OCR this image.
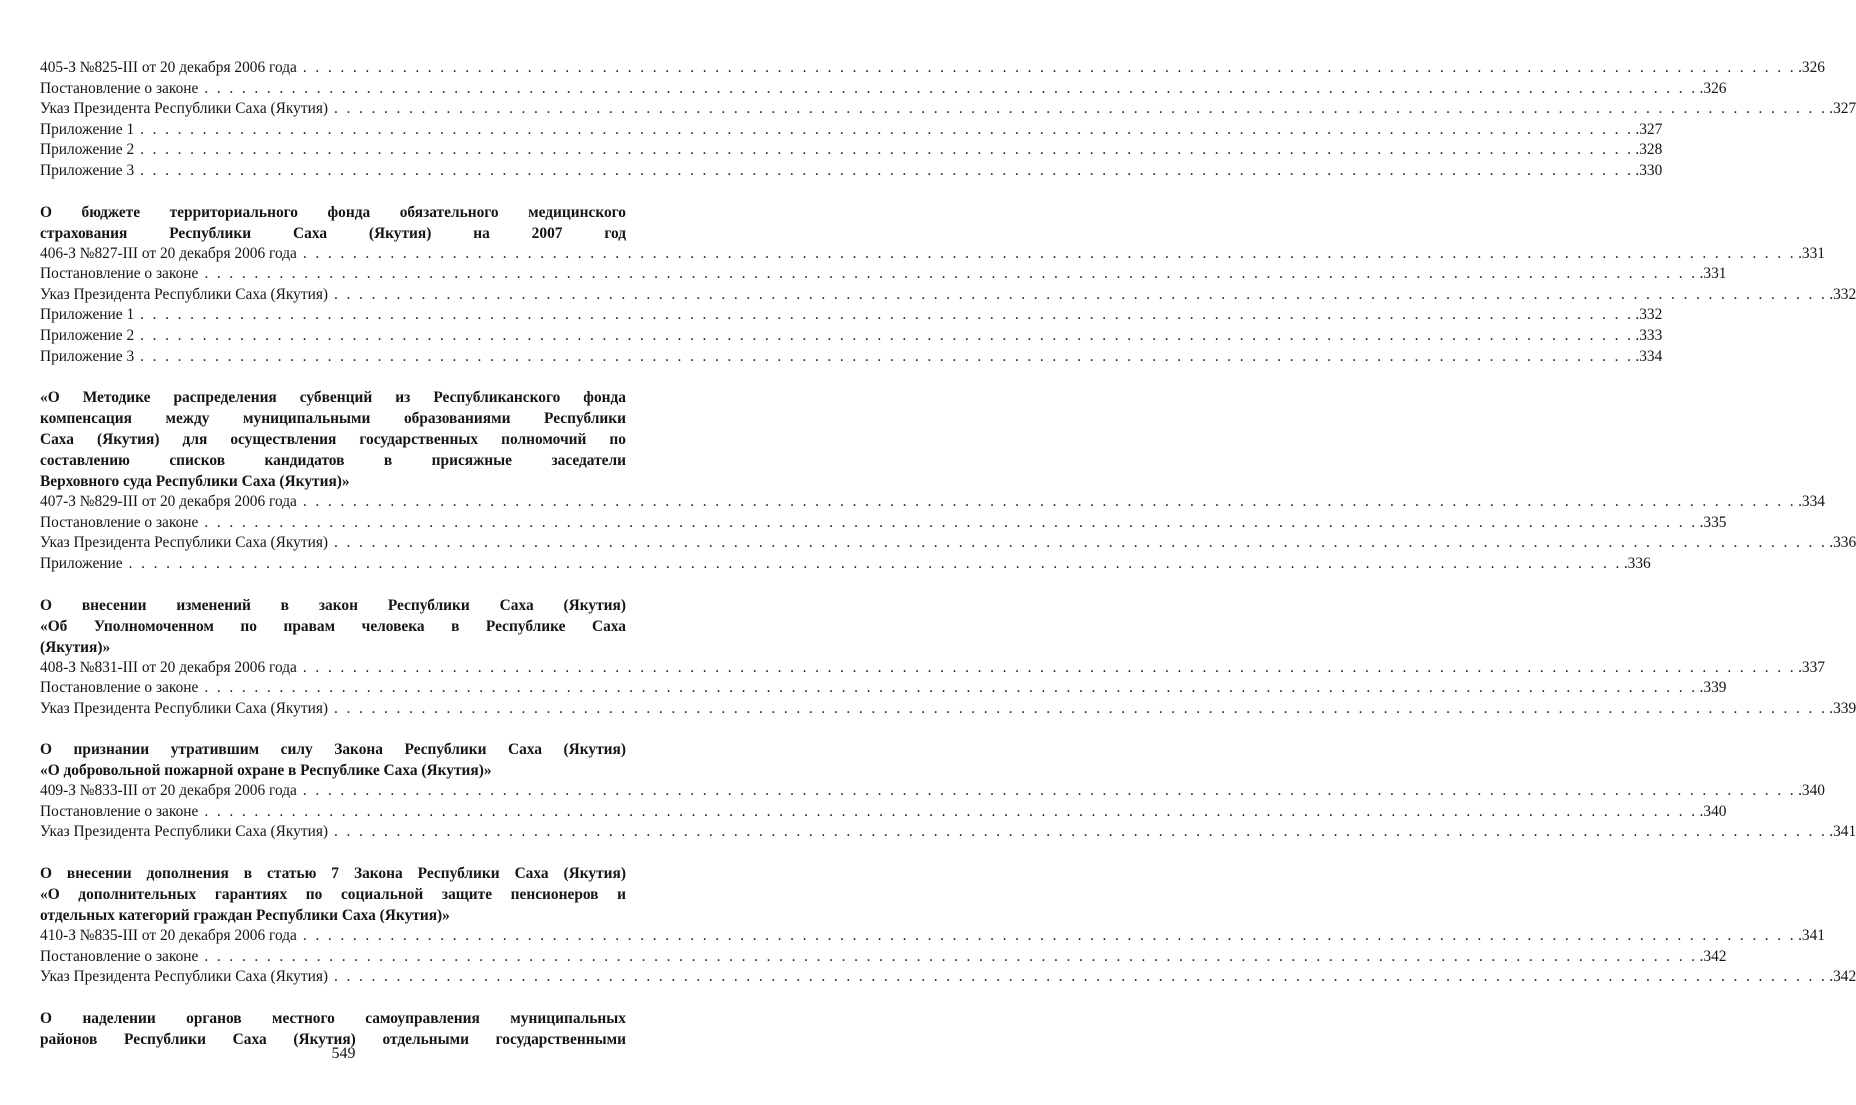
405-З №825-III от 20 декабря 2006 года . . . . . . . . . . . . . . . . . . . . . . . . . . . . . . . . . . . . . . . . . . . . . . . . . . . . . . . . . . . . . . . . . . . . . . . . . . . . . . . . . . . . . . . . . . . . . . . . . . . . . . . . . . . . . . . . . . . . . . . . .326
Постановление о законе . . . . . . . . . . . . . . . . . . . . . . . . . . . . . . . . . . . . . . . . . . . . . . . . . . . . . . . . . . . . . . . . . . . . . . . . . . . . . . . . . . . . . . . . . . . . . . . . . . . . . . . . . . . . . . . . . . . . . . . . .326
Указ Президента Республики Саха (Якутия) . . . . . . . . . . . . . . . . . . . . . . . . . . . . . . . . . . . . . . . . . . . . . . . . . . . . . . . . . . . . . . . . . . . . . . . . . . . . . . . . . . . . . . . . . . . . . . . . . . . . . . . . . . . . . . . . . . . . . . . . .327
Приложение 1 . . . . . . . . . . . . . . . . . . . . . . . . . . . . . . . . . . . . . . . . . . . . . . . . . . . . . . . . . . . . . . . . . . . . . . . . . . . . . . . . . . . . . . . . . . . . . . . . . . . . . . . . . . . . . . . . . . . . . . . . .327
Приложение 2 . . . . . . . . . . . . . . . . . . . . . . . . . . . . . . . . . . . . . . . . . . . . . . . . . . . . . . . . . . . . . . . . . . . . . . . . . . . . . . . . . . . . . . . . . . . . . . . . . . . . . . . . . . . . . . . . . . . . . . . . .328
Приложение 3 . . . . . . . . . . . . . . . . . . . . . . . . . . . . . . . . . . . . . . . . . . . . . . . . . . . . . . . . . . . . . . . . . . . . . . . . . . . . . . . . . . . . . . . . . . . . . . . . . . . . . . . . . . . . . . . . . . . . . . . . .330
О бюджете территориального фонда обязательного медицинского
страхования Республики Саха (Якутия) на 2007 год
406-З №827-III от 20 декабря 2006 года . . . . . . . . . . . . . . . . . . . . . . . . . . . . . . . . . . . . . . . . . . . . . . . . . . . . . . . . . . . . . . . . . . . . . . . . . . . . . . . . . . . . . . . . . . . . . . . . . . . . . . . . . . . . . . . . . . . . . . . . .331
Постановление о законе . . . . . . . . . . . . . . . . . . . . . . . . . . . . . . . . . . . . . . . . . . . . . . . . . . . . . . . . . . . . . . . . . . . . . . . . . . . . . . . . . . . . . . . . . . . . . . . . . . . . . . . . . . . . . . . . . . . . . . . . .331
Указ Президента Республики Саха (Якутия) . . . . . . . . . . . . . . . . . . . . . . . . . . . . . . . . . . . . . . . . . . . . . . . . . . . . . . . . . . . . . . . . . . . . . . . . . . . . . . . . . . . . . . . . . . . . . . . . . . . . . . . . . . . . . . . . . . . . . . . . .332
Приложение 1 . . . . . . . . . . . . . . . . . . . . . . . . . . . . . . . . . . . . . . . . . . . . . . . . . . . . . . . . . . . . . . . . . . . . . . . . . . . . . . . . . . . . . . . . . . . . . . . . . . . . . . . . . . . . . . . . . . . . . . . . .332
Приложение 2 . . . . . . . . . . . . . . . . . . . . . . . . . . . . . . . . . . . . . . . . . . . . . . . . . . . . . . . . . . . . . . . . . . . . . . . . . . . . . . . . . . . . . . . . . . . . . . . . . . . . . . . . . . . . . . . . . . . . . . . . .333
Приложение 3 . . . . . . . . . . . . . . . . . . . . . . . . . . . . . . . . . . . . . . . . . . . . . . . . . . . . . . . . . . . . . . . . . . . . . . . . . . . . . . . . . . . . . . . . . . . . . . . . . . . . . . . . . . . . . . . . . . . . . . . . .334
«О Методике распределения субвенций из Республиканского фонда
компенсация между муниципальными образованиями Республики
Саха (Якутия) для осуществления государственных полномочий по
составлению списков кандидатов в присяжные заседатели
Верховного суда Республики Саха (Якутия)»
407-З №829-III от 20 декабря 2006 года . . . . . . . . . . . . . . . . . . . . . . . . . . . . . . . . . . . . . . . . . . . . . . . . . . . . . . . . . . . . . . . . . . . . . . . . . . . . . . . . . . . . . . . . . . . . . . . . . . . . . . . . . . . . . . . . . . . . . . . . .334
Постановление о законе . . . . . . . . . . . . . . . . . . . . . . . . . . . . . . . . . . . . . . . . . . . . . . . . . . . . . . . . . . . . . . . . . . . . . . . . . . . . . . . . . . . . . . . . . . . . . . . . . . . . . . . . . . . . . . . . . . . . . . . . .335
Указ Президента Республики Саха (Якутия) . . . . . . . . . . . . . . . . . . . . . . . . . . . . . . . . . . . . . . . . . . . . . . . . . . . . . . . . . . . . . . . . . . . . . . . . . . . . . . . . . . . . . . . . . . . . . . . . . . . . . . . . . . . . . . . . . . . . . . . . .336
Приложение . . . . . . . . . . . . . . . . . . . . . . . . . . . . . . . . . . . . . . . . . . . . . . . . . . . . . . . . . . . . . . . . . . . . . . . . . . . . . . . . . . . . . . . . . . . . . . . . . . . . . . . . . . . . . . . . . . . . . . . . .336
О внесении изменений в закон Республики Саха (Якутия)
«Об Уполномоченном по правам человека в Республике Саха
(Якутия)»
408-З №831-III от 20 декабря 2006 года . . . . . . . . . . . . . . . . . . . . . . . . . . . . . . . . . . . . . . . . . . . . . . . . . . . . . . . . . . . . . . . . . . . . . . . . . . . . . . . . . . . . . . . . . . . . . . . . . . . . . . . . . . . . . . . . . . . . . . . . .337
Постановление о законе . . . . . . . . . . . . . . . . . . . . . . . . . . . . . . . . . . . . . . . . . . . . . . . . . . . . . . . . . . . . . . . . . . . . . . . . . . . . . . . . . . . . . . . . . . . . . . . . . . . . . . . . . . . . . . . . . . . . . . . . .339
Указ Президента Республики Саха (Якутия) . . . . . . . . . . . . . . . . . . . . . . . . . . . . . . . . . . . . . . . . . . . . . . . . . . . . . . . . . . . . . . . . . . . . . . . . . . . . . . . . . . . . . . . . . . . . . . . . . . . . . . . . . . . . . . . . . . . . . . . . .339
О признании утратившим силу Закона Республики Саха (Якутия)
«О добровольной пожарной охране в Республике Саха (Якутия)»
409-З №833-III от 20 декабря 2006 года . . . . . . . . . . . . . . . . . . . . . . . . . . . . . . . . . . . . . . . . . . . . . . . . . . . . . . . . . . . . . . . . . . . . . . . . . . . . . . . . . . . . . . . . . . . . . . . . . . . . . . . . . . . . . . . . . . . . . . . . .340
Постановление о законе . . . . . . . . . . . . . . . . . . . . . . . . . . . . . . . . . . . . . . . . . . . . . . . . . . . . . . . . . . . . . . . . . . . . . . . . . . . . . . . . . . . . . . . . . . . . . . . . . . . . . . . . . . . . . . . . . . . . . . . . .340
Указ Президента Республики Саха (Якутия) . . . . . . . . . . . . . . . . . . . . . . . . . . . . . . . . . . . . . . . . . . . . . . . . . . . . . . . . . . . . . . . . . . . . . . . . . . . . . . . . . . . . . . . . . . . . . . . . . . . . . . . . . . . . . . . . . . . . . . . . .341
О внесении дополнения в статью 7 Закона Республики Саха (Якутия)
«О дополнительных гарантиях по социальной защите пенсионеров и
отдельных категорий граждан Республики Саха (Якутия)»
410-З №835-III от 20 декабря 2006 года . . . . . . . . . . . . . . . . . . . . . . . . . . . . . . . . . . . . . . . . . . . . . . . . . . . . . . . . . . . . . . . . . . . . . . . . . . . . . . . . . . . . . . . . . . . . . . . . . . . . . . . . . . . . . . . . . . . . . . . . .341
Постановление о законе . . . . . . . . . . . . . . . . . . . . . . . . . . . . . . . . . . . . . . . . . . . . . . . . . . . . . . . . . . . . . . . . . . . . . . . . . . . . . . . . . . . . . . . . . . . . . . . . . . . . . . . . . . . . . . . . . . . . . . . . .342
Указ Президента Республики Саха (Якутия) . . . . . . . . . . . . . . . . . . . . . . . . . . . . . . . . . . . . . . . . . . . . . . . . . . . . . . . . . . . . . . . . . . . . . . . . . . . . . . . . . . . . . . . . . . . . . . . . . . . . . . . . . . . . . . . . . . . . . . . . .342
О наделении органов местного самоуправления муниципальных
районов Республики Саха (Якутия) отдельными государственными
549
